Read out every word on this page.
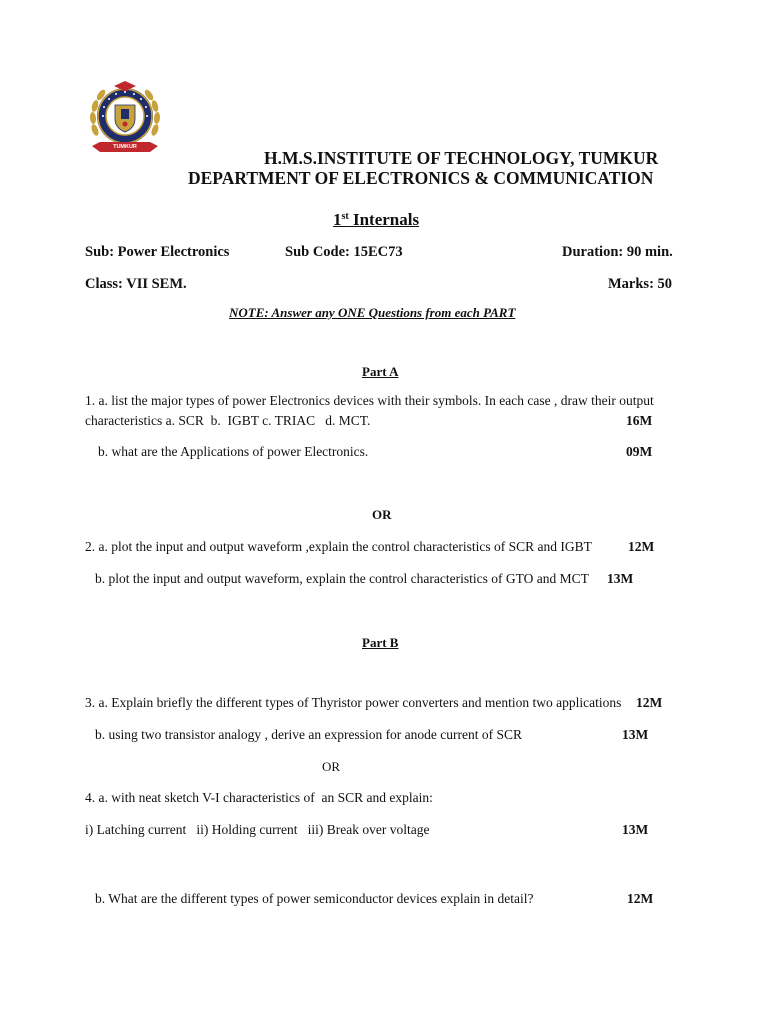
TUMKUR
H.M.S.INSTITUTE OF TECHNOLOGY, TUMKUR
DEPARTMENT OF ELECTRONICS & COMMUNICATION
1st Internals
Sub: Power Electronics	Sub Code: 15EC73	Duration: 90 min.
Class: VII SEM.	Marks: 50
NOTE: Answer any ONE Questions from each PART
Part A
1. a. list the major types of power Electronics devices with their symbols. In each case , draw their output
characteristics a. SCR  b.  IGBT c. TRIAC   d. MCT.	16M
b. what are the Applications of power Electronics.	09M
OR
2. a. plot the input and output waveform ,explain the control characteristics of SCR and IGBT	12M
b. plot the input and output waveform, explain the control characteristics of GTO and MCT 13M
Part B
3. a. Explain briefly the different types of Thyristor power converters and mention two applications 12M
b. using two transistor analogy , derive an expression for anode current of SCR	13M
OR
4. a. with neat sketch V-I characteristics of  an SCR and explain:
i) Latching current   ii) Holding current   iii) Break over voltage	13M
b. What are the different types of power semiconductor devices explain in detail?	12M
